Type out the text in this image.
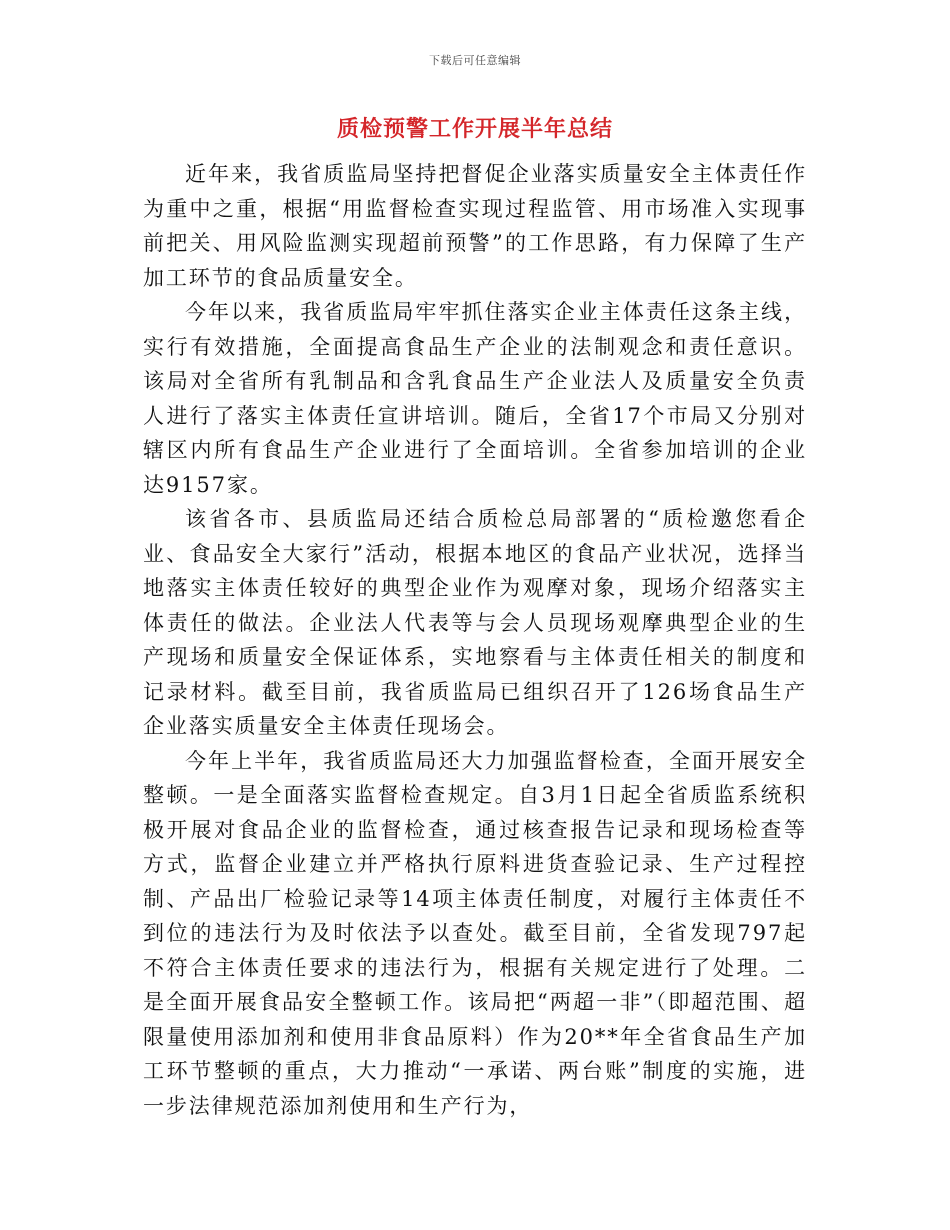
下载后可任意编辑
质检预警工作开展半年总结

近年来，我省质监局坚持把督促企业落实质量安全主体责任作为重中之重，根据“用监督检查实现过程监管、用市场准入实现事前把关、用风险监测实现超前预警”的工作思路，有力保障了生产加工环节的食品质量安全。

今年以来，我省质监局牢牢抓住落实企业主体责任这条主线，实行有效措施，全面提高食品生产企业的法制观念和责任意识。该局对全省所有乳制品和含乳食品生产企业法人及质量安全负责人进行了落实主体责任宣讲培训。随后，全省17个市局又分别对辖区内所有食品生产企业进行了全面培训。全省参加培训的企业达9157家。

该省各市、县质监局还结合质检总局部署的“质检邀您看企业、食品安全大家行”活动，根据本地区的食品产业状况，选择当地落实主体责任较好的典型企业作为观摩对象，现场介绍落实主体责任的做法。企业法人代表等与会人员现场观摩典型企业的生产现场和质量安全保证体系，实地察看与主体责任相关的制度和记录材料。截至目前，我省质监局已组织召开了126场食品生产企业落实质量安全主体责任现场会。

今年上半年，我省质监局还大力加强监督检查，全面开展安全整顿。一是全面落实监督检查规定。自3月1日起全省质监系统积极开展对食品企业的监督检查，通过核查报告记录和现场检查等方式，监督企业建立并严格执行原料进货查验记录、生产过程控制、产品出厂检验记录等14项主体责任制度，对履行主体责任不到位的违法行为及时依法予以查处。截至目前，全省发现797起不符合主体责任要求的违法行为，根据有关规定进行了处理。二是全面开展食品安全整顿工作。该局把“两超一非”（即超范围、超限量使用添加剂和使用非食品原料）作为20**年全省食品生产加工环节整顿的重点，大力推动“一承诺、两台账”制度的实施，进一步法律规范添加剂使用和生产行为，
